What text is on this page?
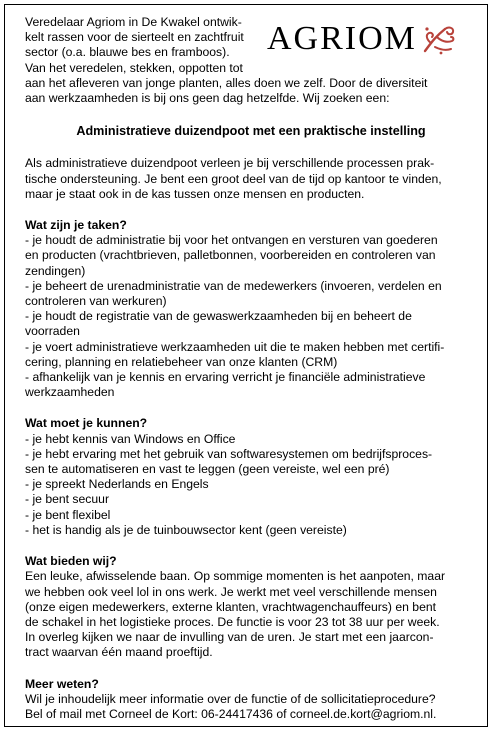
AGRIOM
Veredelaar Agriom in De Kwakel ontwik-
kelt rassen voor de sierteelt en zachtfruit
sector (o.a. blauwe bes en framboos).
Van het veredelen, stekken, oppotten tot
aan het afleveren van jonge planten, alles doen we zelf. Door de diversiteit
aan werkzaamheden is bij ons geen dag hetzelfde. Wij zoeken een:
Administratieve duizendpoot met een praktische instelling
Als administratieve duizendpoot verleen je bij verschillende processen prak-
tische ondersteuning. Je bent een groot deel van de tijd op kantoor te vinden,
maar je staat ook in de kas tussen onze mensen en producten.
Wat zijn je taken?
- je houdt de administratie bij voor het ontvangen en versturen van goederen
en producten (vrachtbrieven, palletbonnen, voorbereiden en controleren van
zendingen)
- je beheert de urenadministratie van de medewerkers (invoeren, verdelen en
controleren van werkuren)
- je houdt de registratie van de gewaswerkzaamheden bij en beheert de
voorraden
- je voert administratieve werkzaamheden uit die te maken hebben met certifi-
cering, planning en relatiebeheer van onze klanten (CRM)
- afhankelijk van je kennis en ervaring verricht je financiële administratieve
werkzaamheden
Wat moet je kunnen?
- je hebt kennis van Windows en Office
- je hebt ervaring met het gebruik van softwaresystemen om bedrijfsproces-
sen te automatiseren en vast te leggen (geen vereiste, wel een pré)
- je spreekt Nederlands en Engels
- je bent secuur
- je bent flexibel
- het is handig als je de tuinbouwsector kent (geen vereiste)
Wat bieden wij?
Een leuke, afwisselende baan. Op sommige momenten is het aanpoten, maar
we hebben ook veel lol in ons werk. Je werkt met veel verschillende mensen
(onze eigen medewerkers, externe klanten, vrachtwagenchauffeurs) en bent
de schakel in het logistieke proces. De functie is voor 23 tot 38 uur per week.
In overleg kijken we naar de invulling van de uren. Je start met een jaarcon-
tract waarvan één maand proeftijd.
Meer weten?
Wil je inhoudelijk meer informatie over de functie of de sollicitatieprocedure?
Bel of mail met Corneel de Kort: 06-24417436 of corneel.de.kort@agriom.nl.
